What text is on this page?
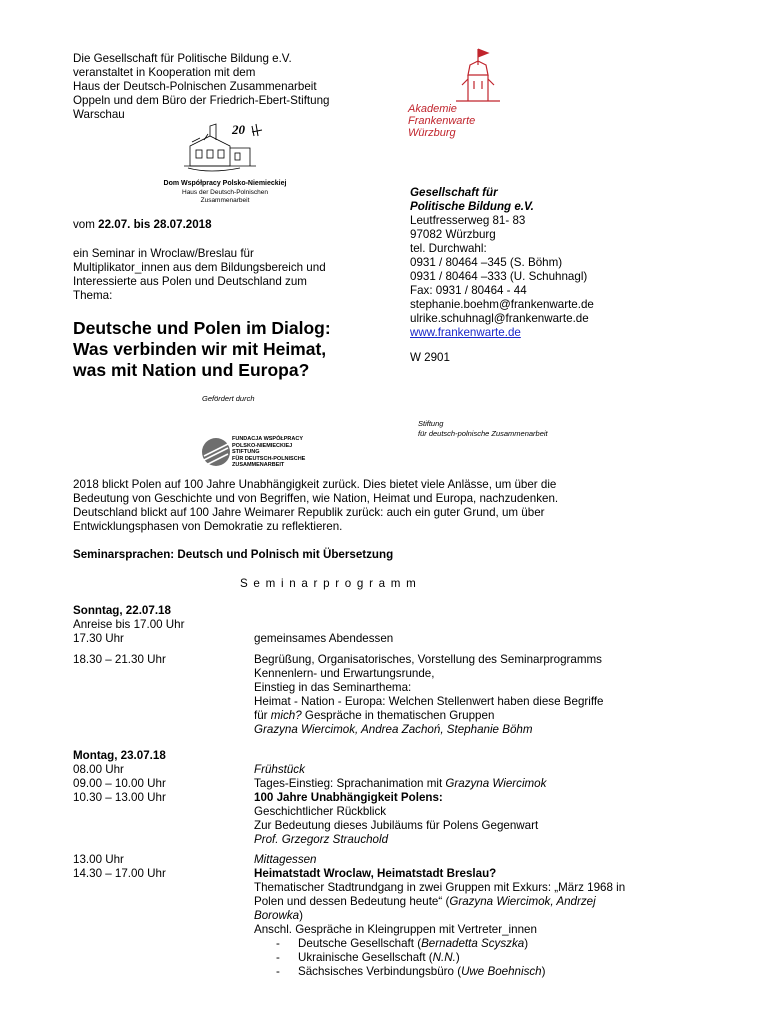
Die Gesellschaft für Politische Bildung e.V.
veranstaltet in Kooperation mit dem
Haus der Deutsch-Polnischen Zusammenarbeit
Oppeln und dem Büro der Friedrich-Ebert-Stiftung
Warschau
20
Dom Współpracy Polsko-Niemieckiej
Haus der Deutsch-Polnischen Zusammenarbeit
Akademie
Frankenwarte
Würzburg
Gesellschaft für
Politische Bildung e.V.
Leutfresserweg 81- 83
97082 Würzburg
tel. Durchwahl:
0931 / 80464 –345 (S. Böhm)
0931 / 80464 –333 (U. Schuhnagl)
Fax: 0931 / 80464 - 44
stephanie.boehm@frankenwarte.de
ulrike.schuhnagl@frankenwarte.de
www.frankenwarte.de
vom 22.07. bis 28.07.2018
ein Seminar in Wroclaw/Breslau für
Multiplikator_innen aus dem Bildungsbereich und
Interessierte aus Polen und Deutschland zum
Thema:
Deutsche und Polen im Dialog:
Was verbinden wir mit Heimat,
was mit Nation und Europa?
W 2901
Gefördert durch
FUNDACJA WSPÓŁPRACY
POLSKO-NIEMIECKIEJ
STIFTUNG
FÜR DEUTSCH-POLNISCHE
ZUSAMMENARBEIT
Stiftung
für deutsch-polnische Zusammenarbeit
2018 blickt Polen auf 100 Jahre Unabhängigkeit zurück. Dies bietet viele Anlässe, um über die
Bedeutung von Geschichte und von Begriffen, wie Nation, Heimat und Europa, nachzudenken.
Deutschland blickt auf 100 Jahre Weimarer Republik zurück: auch ein guter Grund, um über
Entwicklungsphasen von Demokratie zu reflektieren.
Seminarsprachen: Deutsch und Polnisch mit Übersetzung
Seminarprogramm
Sonntag, 22.07.18
Anreise bis 17.00 Uhr
17.30 Uhr
18.30 – 21.30 Uhr
gemeinsames Abendessen
Begrüßung, Organisatorisches, Vorstellung des Seminarprogramms
Kennenlern- und Erwartungsrunde,
Einstieg in das Seminarthema:
Heimat - Nation - Europa: Welchen Stellenwert haben diese Begriffe
für mich? Gespräche in thematischen Gruppen
Grazyna Wiercimok, Andrea Zachoń, Stephanie Böhm
Montag, 23.07.18
08.00 Uhr
09.00 – 10.00 Uhr
10.30 – 13.00 Uhr
Frühstück
Tages-Einstieg: Sprachanimation mit Grazyna Wiercimok
100 Jahre Unabhängigkeit Polens:
Geschichtlicher Rückblick
Zur Bedeutung dieses Jubiläums für Polens Gegenwart
Prof. Grzegorz Strauchold
13.00 Uhr
14.30 – 17.00 Uhr
Mittagessen
Heimatstadt Wroclaw, Heimatstadt Breslau?
Thematischer Stadtrundgang in zwei Gruppen mit Exkurs: „März 1968 in
Polen und dessen Bedeutung heute“ (Grazyna Wiercimok, Andrzej
Borowka)
Anschl. Gespräche in Kleingruppen mit Vertreter_innen
- Deutsche Gesellschaft (Bernadetta Scyszka)
- Ukrainische Gesellschaft (N.N.)
- Sächsisches Verbindungsbüro (Uwe Boehnisch)
